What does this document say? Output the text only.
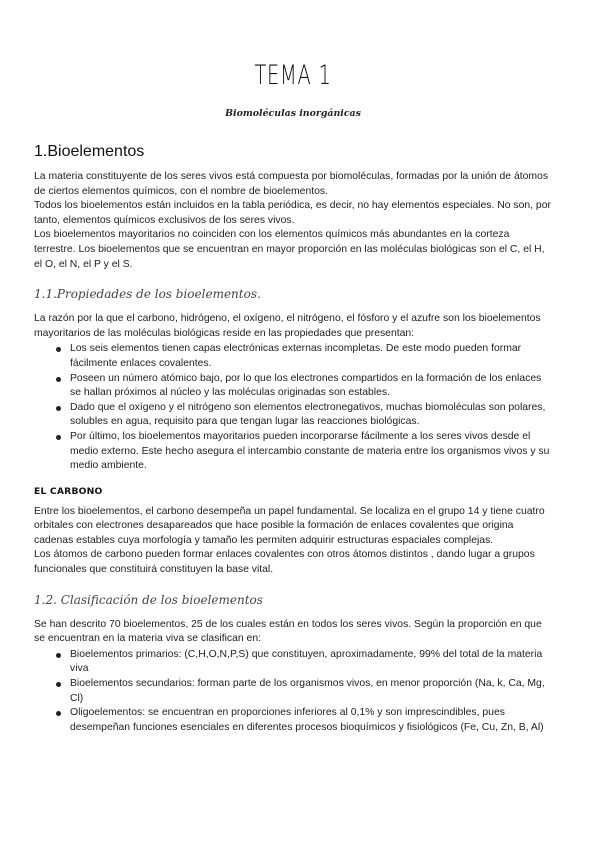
TEMA 1
Biomoléculas inorgánicas
1.Bioelementos

La materia constituyente de los seres vivos está compuesta por biomoléculas, formadas por la unión de átomos de ciertos elementos químicos, con el nombre de bioelementos.

Todos los bioelementos están incluidos en la tabla periódica, es decir, no hay elementos especiales. No son, por tanto, elementos químicos exclusivos de los seres vivos.

Los bioelementos mayoritarios no coinciden con los elementos químicos más abundantes en la corteza terrestre. Los bioelementos que se encuentran en mayor proporción en las moléculas biológicas son el C, el H, el O, el N, el P y el S.

1.1.Propiedades de los bioelementos.

La razón por la que el carbono, hidrógeno, el oxígeno, el nitrógeno, el fósforo y el azufre son los bioelementos mayoritarios de las moléculas biológicas reside en las propiedades que presentan:

Los seis elementos tienen capas electrónicas externas incompletas. De este modo pueden formar fácilmente enlaces covalentes.
Poseen un número atómico bajo, por lo que los electrones compartidos en la formación de los enlaces se hallan próximos al núcleo y las moléculas originadas son estables.
Dado que el oxígeno y el nitrógeno son elementos electronegativos, muchas biomoléculas son polares, solubles en agua, requisito para que tengan lugar las reacciones biológicas.
Por último, los bioelementos mayoritarios pueden incorporarse fácilmente a los seres vivos desde el medio externo. Este hecho asegura el intercambio constante de materia entre los organismos vivos y su medio ambiente.
EL CARBONO

Entre los bioelementos, el carbono desempeña un papel fundamental. Se localiza en el grupo 14 y tiene cuatro orbitales con electrones desapareados que hace posible la formación de enlaces covalentes que origina cadenas estables cuya morfología y tamaño les permiten adquirir estructuras espaciales complejas.

Los átomos de carbono pueden formar enlaces covalentes con otros átomos distintos , dando lugar a grupos funcionales que constituirá constituyen la base vital.

1.2. Clasificación de los bioelementos

Se han descrito 70 bioelementos, 25 de los cuales están en todos los seres vivos. Según la proporción en que se encuentran en la materia viva se clasifican en:

Bioelementos primarios: (C,H,O,N,P,S) que constituyen, aproximadamente, 99% del total de la materia viva
Bioelementos secundarios: forman parte de los organismos vivos, en menor proporción (Na, k, Ca, Mg, Cl)
Oligoelementos: se encuentran en proporciones inferiores al 0,1% y son imprescindibles, pues desempeñan funciones esenciales en diferentes procesos bioquímicos y fisiológicos (Fe, Cu, Zn, B, Al)
